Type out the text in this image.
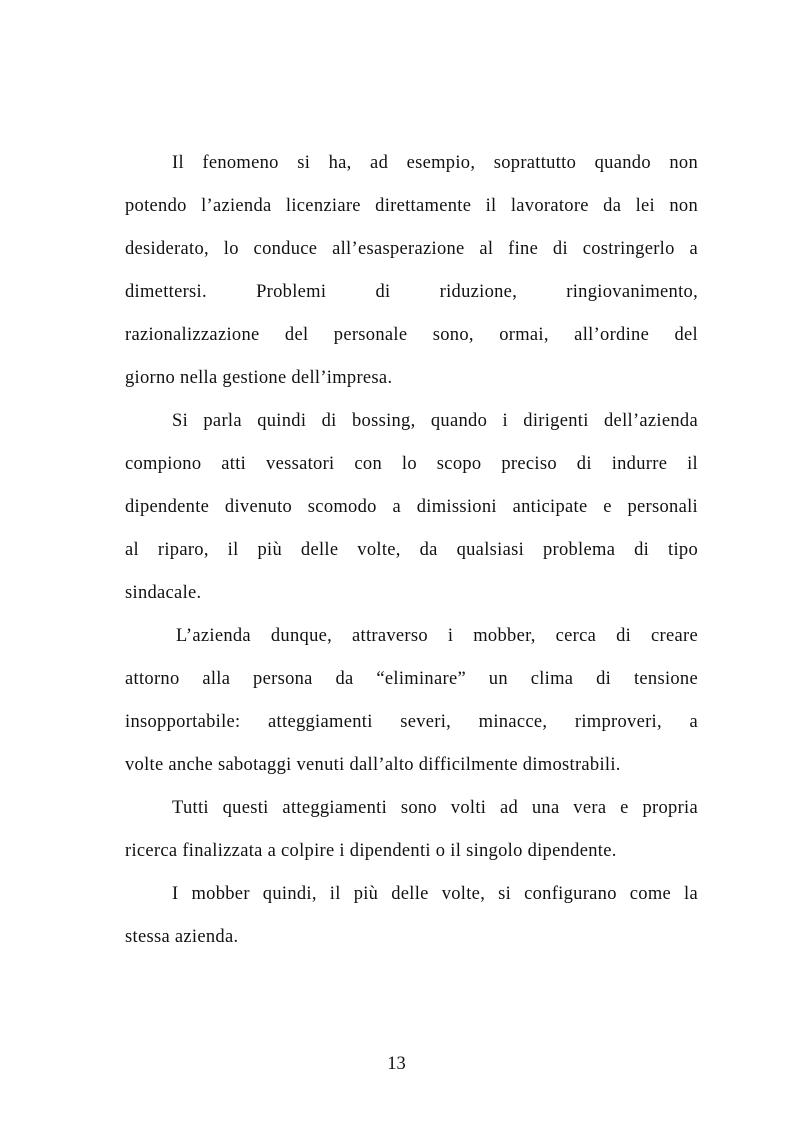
Il fenomeno si ha, ad esempio, soprattutto quando non
potendo l’azienda licenziare direttamente il lavoratore da lei non
desiderato, lo conduce all’esasperazione al fine di costringerlo a
dimettersi. Problemi di riduzione, ringiovanimento,
razionalizzazione del personale sono, ormai, all’ordine del
giorno nella gestione dell’impresa.
Si parla quindi di bossing, quando i dirigenti dell’azienda
compiono atti vessatori con lo scopo preciso di indurre il
dipendente divenuto scomodo a dimissioni anticipate e personali
al riparo, il più delle volte, da qualsiasi problema di tipo
sindacale.
L’azienda dunque, attraverso i mobber, cerca di creare
attorno alla persona da “eliminare” un clima di tensione
insopportabile: atteggiamenti severi, minacce, rimproveri, a
volte anche sabotaggi venuti dall’alto difficilmente dimostrabili.
Tutti questi atteggiamenti sono volti ad una vera e propria
ricerca finalizzata a colpire i dipendenti o il singolo dipendente.
I mobber quindi, il più delle volte, si configurano come la
stessa azienda.
13
